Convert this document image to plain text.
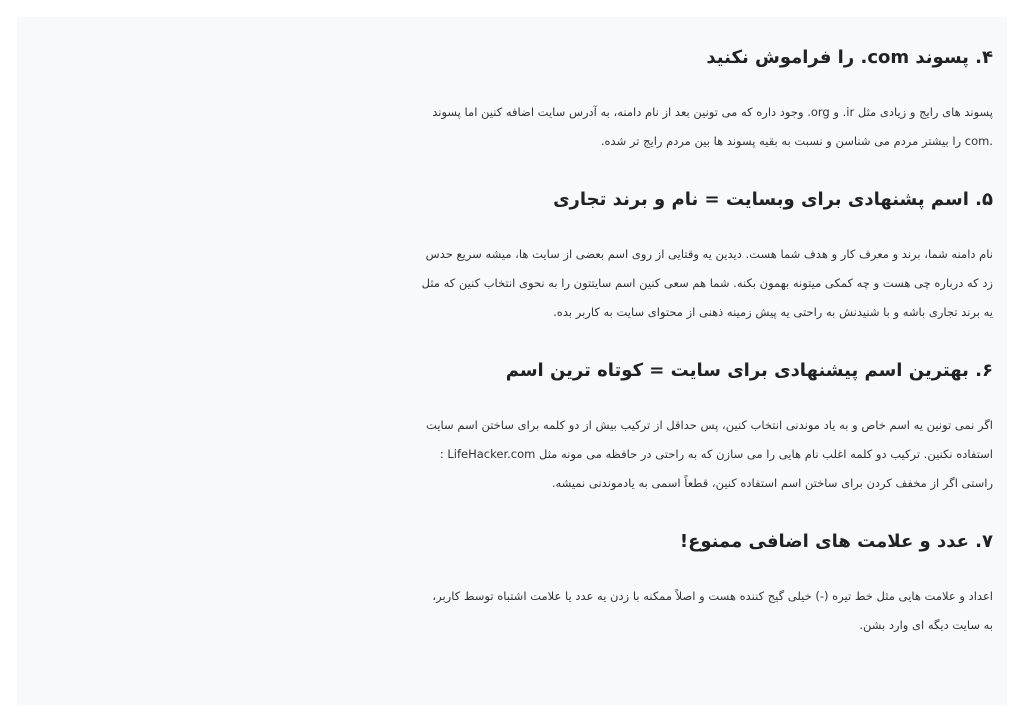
۴. پسوند com. را فراموش نکنید

پسوند های رایج و زیادی مثل ir. و org. وجود داره که می تونین بعد از نام دامنه، به آدرس سایت اضافه کنین اما پسوند

.com را بیشتر مردم می شناسن و نسبت به بقیه پسوند ها بین مردم رایج تر شده.

۵. اسم پشنهادی برای وبسایت = نام و برند تجاری

نام دامنه شما، برند و معرف کار و هدف شما هست. دیدین یه وقتایی از روی اسم بعضی از سایت ها، میشه سریع حدس

زد که درباره چی هست و چه کمکی میتونه بهمون بکنه. شما هم سعی کنین اسم سایتتون را به نحوی انتخاب کنین که مثل

یه برند تجاری باشه و با شنیدنش به راحتی یه پیش زمینه ذهنی از محتوای سایت به کاربر بده.

۶. بهترین اسم پیشنهادی برای سایت = کوتاه ترین اسم

اگر نمی تونین یه اسم خاص و به یاد موندنی انتخاب کنین، پس حداقل از ترکیب بیش از دو کلمه برای ساختن اسم سایت

استفاده نکنین. ترکیب دو کلمه اغلب نام هایی را می سازن که به راحتی در حافظه می مونه مثل LifeHacker.com :

راستی اگر از مخفف کردن برای ساختن اسم استفاده کنین، قطعاً اسمی به یادموندنی نمیشه.

۷. عدد و علامت های اضافی ممنوع!

اعداد و علامت هایی مثل خط تیره (-) خیلی گیج کننده هست و اصلاً ممکنه با زدن یه عدد یا علامت اشتباه توسط کاربر،

به سایت دیگه ای وارد بشن.
